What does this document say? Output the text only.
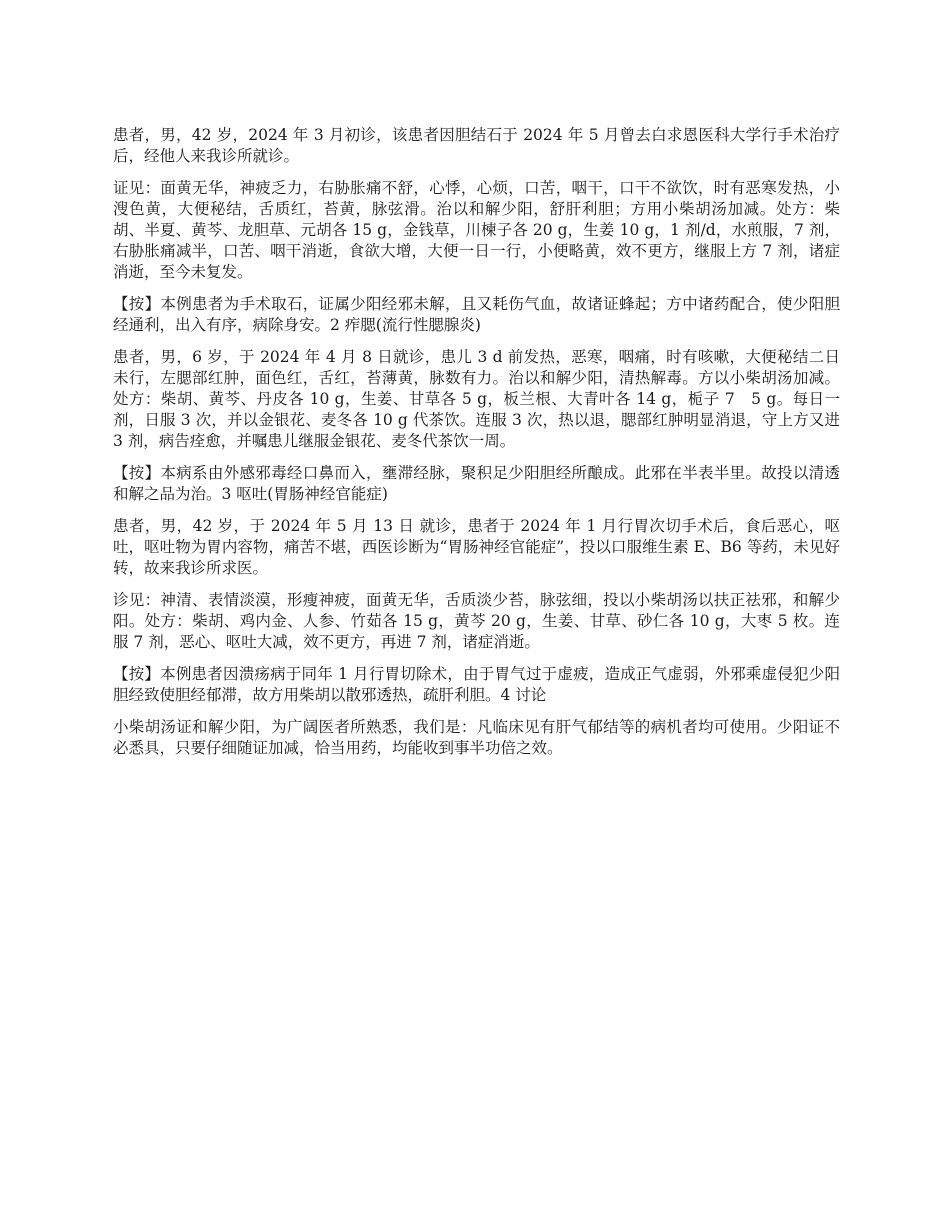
患者，男，42 岁，2024 年 3 月初诊，该患者因胆结石于 2024 年 5 月曾去白求恩医科大学行手术治疗后，经他人来我诊所就诊。

证见：面黄无华，神疲乏力，右胁胀痛不舒，心悸，心烦，口苦，咽干，口干不欲饮，时有恶寒发热，小溲色黄，大便秘结，舌质红，苔黄，脉弦滑。治以和解少阳，舒肝利胆；方用小柴胡汤加减。处方：柴胡、半夏、黄芩、龙胆草、元胡各 15 g，金钱草，川楝子各 20 g，生姜 10 g，1 剂/d，水煎服，7 剂，右胁胀痛减半，口苦、咽干消逝，食欲大增，大便一日一行，小便略黄，效不更方，继服上方 7 剂，诸症消逝，至今未复发。

【按】本例患者为手术取石，证属少阳经邪未解，且又耗伤气血，故诸证蜂起；方中诸药配合，使少阳胆经通利，出入有序，病除身安。2 痄腮(流行性腮腺炎)

患者，男，6 岁，于 2024 年 4 月 8 日就诊，患儿 3 d 前发热，恶寒，咽痛，时有咳嗽，大便秘结二日未行，左腮部红肿，面色红，舌红，苔薄黄，脉数有力。治以和解少阳，清热解毒。方以小柴胡汤加减。处方：柴胡、黄芩、丹皮各 10 g，生姜、甘草各 5 g，板兰根、大青叶各 14 g，栀子 7　5 g。每日一剂，日服 3 次，并以金银花、麦冬各 10 g 代茶饮。连服 3 次，热以退，腮部红肿明显消退，守上方又进 3 剂，病告痊愈，并嘱患儿继服金银花、麦冬代茶饮一周。

【按】本病系由外感邪毒经口鼻而入，壅滞经脉，聚积足少阳胆经所酿成。此邪在半表半里。故投以清透和解之品为治。3 呕吐(胃肠神经官能症)

患者，男，42 岁，于 2024 年 5 月 13 日 就诊，患者于 2024 年 1 月行胃次切手术后，食后恶心，呕吐，呕吐物为胃内容物，痛苦不堪，西医诊断为“胃肠神经官能症”，投以口服维生素 E、B6 等药，未见好转，故来我诊所求医。

诊见：神清、表情淡漠，形瘦神疲，面黄无华，舌质淡少苔，脉弦细，投以小柴胡汤以扶正祛邪，和解少阳。处方：柴胡、鸡内金、人参、竹茹各 15 g，黄芩 20 g，生姜、甘草、砂仁各 10 g，大枣 5 枚。连服 7 剂，恶心、呕吐大减，效不更方，再进 7 剂，诸症消逝。

【按】本例患者因溃疡病于同年 1 月行胃切除术，由于胃气过于虚疲，造成正气虚弱，外邪乘虚侵犯少阳胆经致使胆经郁滞，故方用柴胡以散邪透热，疏肝利胆。4 讨论

小柴胡汤证和解少阳，为广阔医者所熟悉，我们是：凡临床见有肝气郁结等的病机者均可使用。少阳证不必悉具，只要仔细随证加减，恰当用药，均能收到事半功倍之效。
